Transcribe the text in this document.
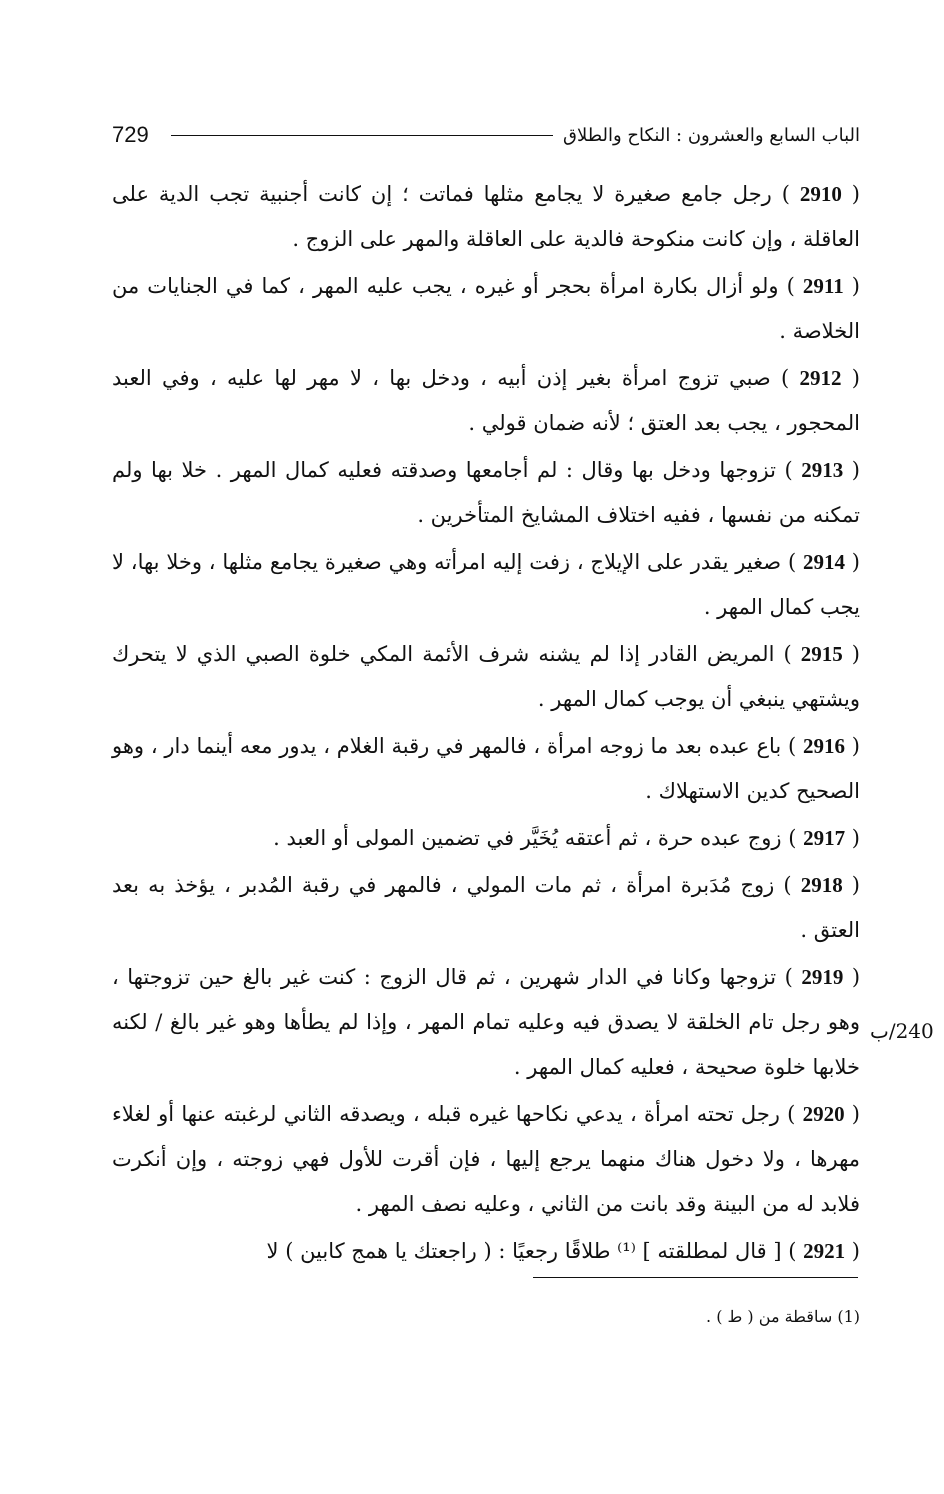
729	الباب السابع والعشرون : النكاح والطلاق

( 2910 ) رجل جامع صغيرة لا يجامع مثلها فماتت ؛ إن كانت أجنبية تجب الدية على العاقلة ، وإن كانت منكوحة فالدية على العاقلة والمهر على الزوج .

( 2911 ) ولو أزال بكارة امرأة بحجر أو غيره ، يجب عليه المهر ، كما في الجنايات من الخلاصة .

( 2912 ) صبي تزوج امرأة بغير إذن أبيه ، ودخل بها ، لا مهر لها عليه ، وفي العبد المحجور ، يجب بعد العتق ؛ لأنه ضمان قولي .

( 2913 ) تزوجها ودخل بها وقال : لم أجامعها وصدقته فعليه كمال المهر . خلا بها ولم تمكنه من نفسها ، ففيه اختلاف المشايخ المتأخرين .

( 2914 ) صغير يقدر على الإيلاج ، زفت إليه امرأته وهي صغيرة يجامع مثلها ، وخلا بها، لا يجب كمال المهر .

( 2915 ) المريض القادر إذا لم يشنه شرف الأئمة المكي خلوة الصبي الذي لا يتحرك ويشتهي ينبغي أن يوجب كمال المهر .

( 2916 ) باع عبده بعد ما زوجه امرأة ، فالمهر في رقبة الغلام ، يدور معه أينما دار ، وهو الصحيح كدين الاستهلاك .

( 2917 ) زوج عبده حرة ، ثم أعتقه يُخَيَّر في تضمين المولى أو العبد .

( 2918 ) زوج مُدَبرة امرأة ، ثم مات المولي ، فالمهر في رقبة المُدبر ، يؤخذ به بعد العتق .

( 2919 ) تزوجها وكانا في الدار شهرين ، ثم قال الزوج : كنت غير بالغ حين تزوجتها ، وهو رجل تام الخلقة لا يصدق فيه وعليه تمام المهر ، وإذا لم يطأها وهو غير بالغ / لكنه خلابها خلوة صحيحة ، فعليه كمال المهر .

( 2920 ) رجل تحته امرأة ، يدعي نكاحها غيره قبله ، ويصدقه الثاني لرغبته عنها أو لغلاء مهرها ، ولا دخول هناك منهما يرجع إليها ، فإن أقرت للأول فهي زوجته ، وإن أنكرت فلابد له من البينة وقد بانت من الثاني ، وعليه نصف المهر .

( 2921 ) [ قال لمطلقته ] ⁽¹⁾ طلاقًا رجعيًا : ( راجعتك يا همج كابين ) لا

240/ب
(1) ساقطة من ( ط ) .
